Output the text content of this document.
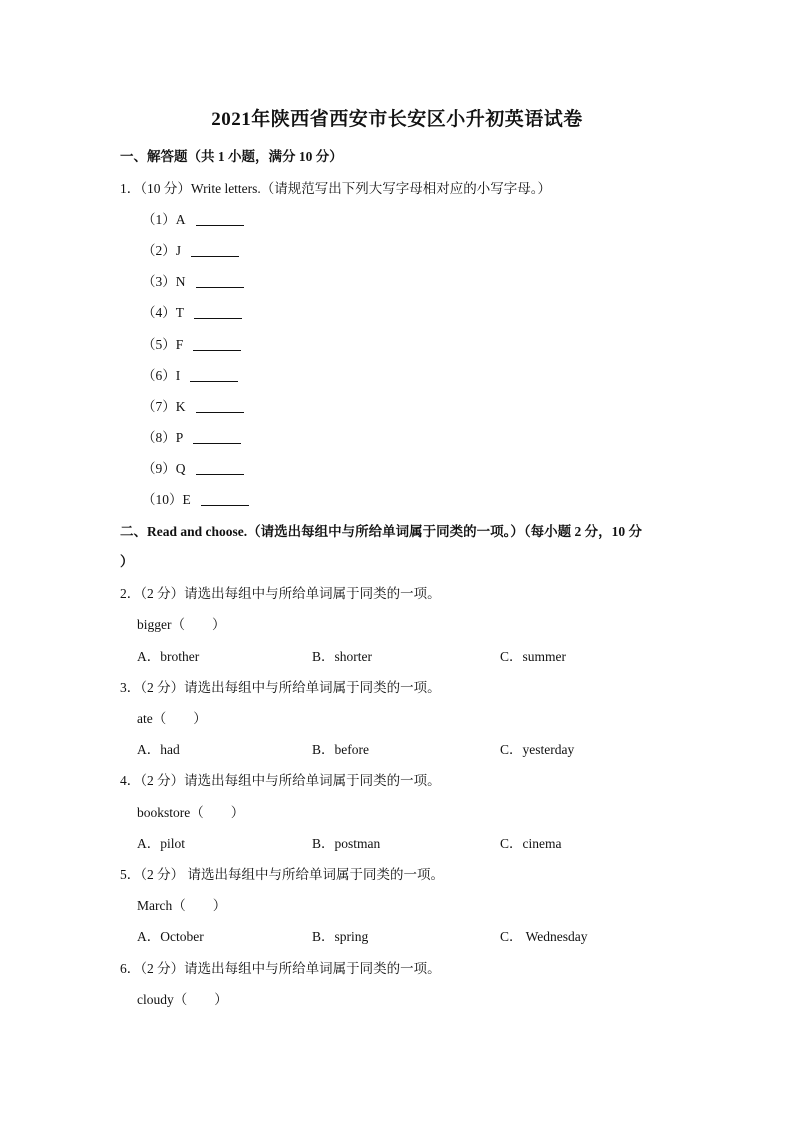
2021年陕西省西安市长安区小升初英语试卷
一、解答题（共 1 小题，满分 10 分）
1．（10 分）Write letters.（请规范写出下列大写字母相对应的小写字母。）
（1）A
（2）J
（3）N
（4）T
（5）F
（6）I
（7）K
（8）P
（9）Q
（10）E
二、Read and choose.（请选出每组中与所给单词属于同类的一项。）（每小题 2 分，10 分
）
2．（2 分）请选出每组中与所给单词属于同类的一项。
bigger（　　）
A．brother	B．shorter	C．summer
3．（2 分）请选出每组中与所给单词属于同类的一项。
ate（　　）
A．had	B．before	C．yesterday
4．（2 分）请选出每组中与所给单词属于同类的一项。
bookstore（　　）
A．pilot	B．postman	C．cinema
5．（2 分） 请选出每组中与所给单词属于同类的一项。
March（　　）
A．October	B．spring	C． Wednesday
6．（2 分）请选出每组中与所给单词属于同类的一项。
cloudy（　　）
